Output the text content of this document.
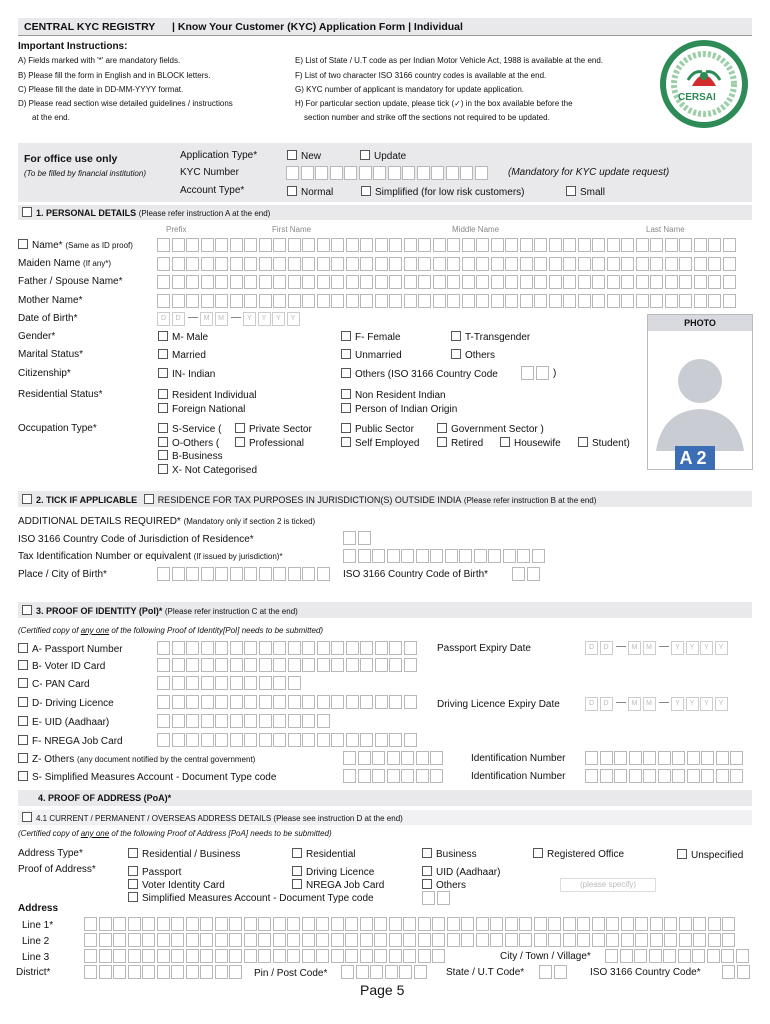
CENTRAL KYC REGISTRY | Know Your Customer (KYC) Application Form | Individual
Important Instructions:
A) Fields marked with '*' are mandatory fields.
B) Please fill the form in English and in BLOCK letters.
C) Please fill the date in DD-MM-YYYY format.
D) Please read section wise detailed guidelines / instructions
at the end.
E) List of State / U.T code as per Indian Motor Vehicle Act, 1988 is available at the end.
F) List of two character ISO 3166 country codes is available at the end.
G) KYC number of applicant is mandatory for update application.
H) For particular section update, please tick (✓) in the box available before the
section number and strike off the sections not required to be updated.
CERSAI
For office use only
(To be filled by financial institution)
Application Type*	New	Update
KYC Number	(Mandatory for KYC update request)
Account Type*	Normal	Simplified (for low risk customers)	Small
1. PERSONAL DETAILS (Please refer instruction A at the end)
Prefix	First Name	Middle Name	Last Name
Name* (Same as ID proof)
Maiden Name (If any*)
Father / Spouse Name*
Mother Name*
Date of Birth*	D D	M M	Y Y Y Y	PHOTO
A2
Gender*	M- Male	F- Female	T-Transgender
Marital Status*	Married	Unmarried	Others
Citizenship*	IN- Indian	Others (ISO 3166 Country Code	)
Residential Status*	Resident Individual	Non Resident Indian
Foreign National	Person of Indian Origin
Occupation Type*	S-Service (	Private Sector	Public Sector	Government Sector )
O-Others (	Professional	Self Employed	Retired	Housewife	Student)
B-Business
X- Not Categorised
2. TICK IF APPLICABLE RESIDENCE FOR TAX PURPOSES IN JURISDICTION(S) OUTSIDE INDIA (Please refer instruction B at the end)
ADDITIONAL DETAILS REQUIRED* (Mandatory only if section 2 is ticked)
ISO 3166 Country Code of Jurisdiction of Residence*
Tax Identification Number or equivalent (If issued by jurisdiction)*
Place / City of Birth*	ISO 3166 Country Code of Birth*
3. PROOF OF IDENTITY (PoI)* (Please refer instruction C at the end)
(Certified copy of any one of the following Proof of Identity[PoI] needs to be submitted)
A- Passport Number	Passport Expiry Date	D D	M M	Y Y Y Y
B- Voter ID Card
C- PAN Card
D- Driving Licence	Driving Licence Expiry Date	D D	M M	Y Y Y Y
E- UID (Aadhaar)
F- NREGA Job Card
Z- Others (any document notified by the central government)	Identification Number
S- Simplified Measures Account - Document Type code	Identification Number
4. PROOF OF ADDRESS (PoA)*
4.1 CURRENT / PERMANENT / OVERSEAS ADDRESS DETAILS (Please see instruction D at the end)
(Certified copy of any one of the following Proof of Address [PoA] needs to be submitted)
Address Type*	Residential / Business	Residential	Business	Registered Office	Unspecified
Proof of Address*	Passport	Driving Licence	UID (Aadhaar)
Voter Identity Card	NREGA Job Card	Others	(please specify)
Simplified Measures Account - Document Type code
Address
Line 1*
Line 2
Line 3	City / Town / Village*
District*	Pin / Post Code*	State / U.T Code*	ISO 3166 Country Code*
Page 5
